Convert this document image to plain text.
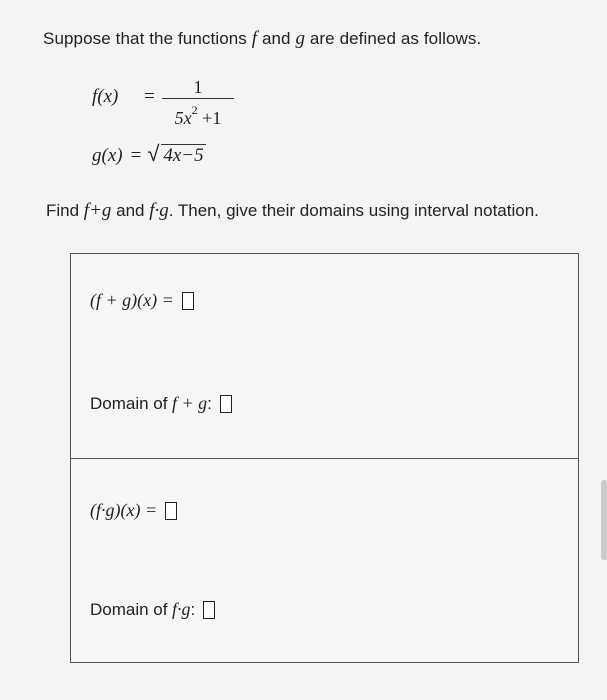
Suppose that the functions f and g are defined as follows.
f(x) =	1
$5x^2 +1$
g(x) = √ 4x−5
Find f+g and f·g. Then, give their domains using interval notation.
(f + g)(x) =
Domain of
f + g :
(f·g)(x) =
Domain of
f·g :
